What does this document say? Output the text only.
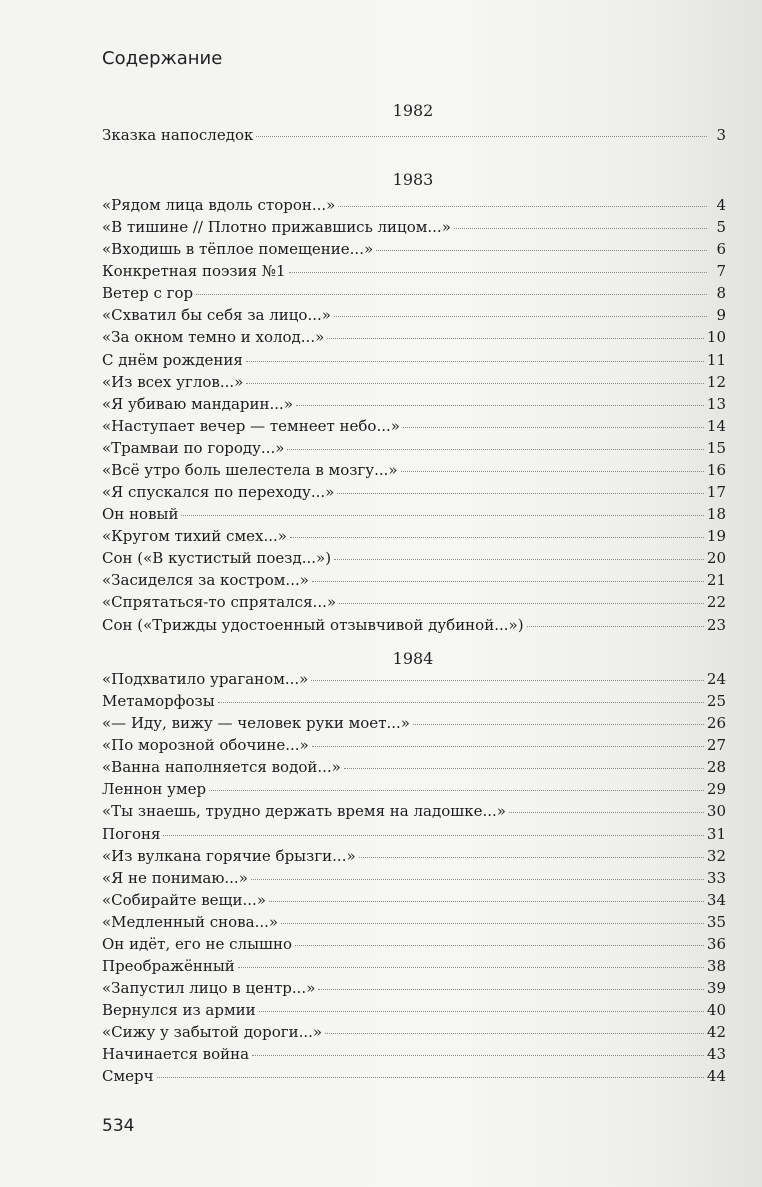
Содержание
1982
Зказка напоследок	3
1983
«Рядом лица вдоль сторон...»	4
«В тишине // Плотно прижавшись лицом...»	5
«Входишь в тёплое помещение...»	6
Конкретная поэзия №1	7
Ветер с гор	8
«Схватил бы себя за лицо...»	9
«За окном темно и холод...»	10
С днём рождения	11
«Из всех углов...»	12
«Я убиваю мандарин...»	13
«Наступает вечер — темнеет небо...»	14
«Трамваи по городу...»	15
«Всё утро боль шелестела в мозгу...»	16
«Я спускался по переходу...»	17
Он новый	18
«Кругом тихий смех...»	19
Сон («В кустистый поезд...»)	20
«Засиделся за костром...»	21
«Спрятаться-то спрятался...»	22
Сон («Трижды удостоенный отзывчивой дубиной...»)	23
1984
«Подхватило ураганом...»	24
Метаморфозы	25
«— Иду, вижу — человек руки моет...»	26
«По морозной обочине...»	27
«Ванна наполняется водой...»	28
Леннон умер	29
«Ты знаешь, трудно держать время на ладошке...»	30
Погоня	31
«Из вулкана горячие брызги...»	32
«Я не понимаю...»	33
«Собирайте вещи...»	34
«Медленный снова...»	35
Он идёт, его не слышно	36
Преображённый	38
«Запустил лицо в центр...»	39
Вернулся из армии	40
«Сижу у забытой дороги...»	42
Начинается война	43
Смерч	44
534
